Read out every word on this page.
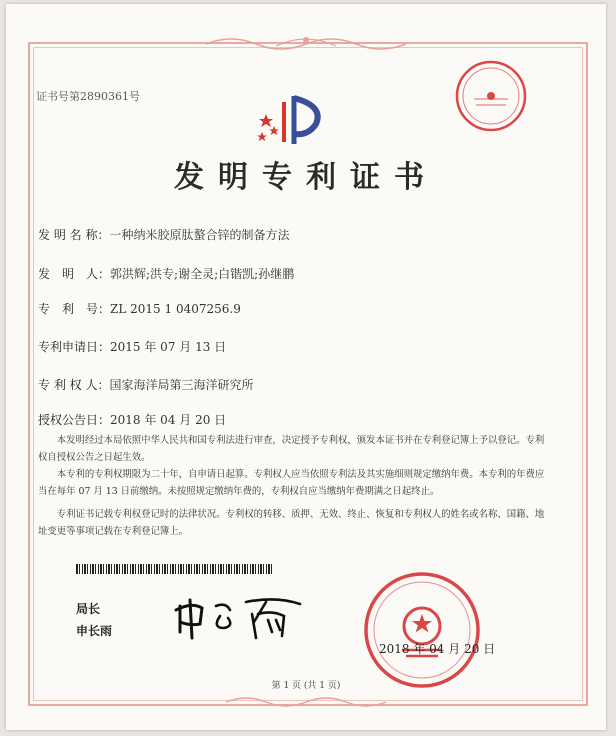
证书号第2890361号
发明专利证书
发 明 名 称：一种纳米胶原肽螯合锌的制备方法
发　明　人：郭洪辉;洪专;谢全灵;白锴凯;孙继鹏
专　利　号：ZL 2015 1 0407256.9
专利申请日：2015 年 07 月 13 日
专 利 权 人：国家海洋局第三海洋研究所
授权公告日：2018 年 04 月 20 日
本发明经过本局依照中华人民共和国专利法进行审查，决定授予专利权，颁发本证书并在专利登记簿上予以登记。专利权自授权公告之日起生效。
本专利的专利权期限为二十年，自申请日起算。专利权人应当依照专利法及其实施细则规定缴纳年费。本专利的年费应当在每年 07 月 13 日前缴纳。未按照规定缴纳年费的，专利权自应当缴纳年费期满之日起终止。
专利证书记载专利权登记时的法律状况。专利权的转移、质押、无效、终止、恢复和专利权人的姓名或名称、国籍、地址变更等事项记载在专利登记簿上。
局长
申长雨
2018 年 04 月 20 日
第 1 页 (共 1 页)
